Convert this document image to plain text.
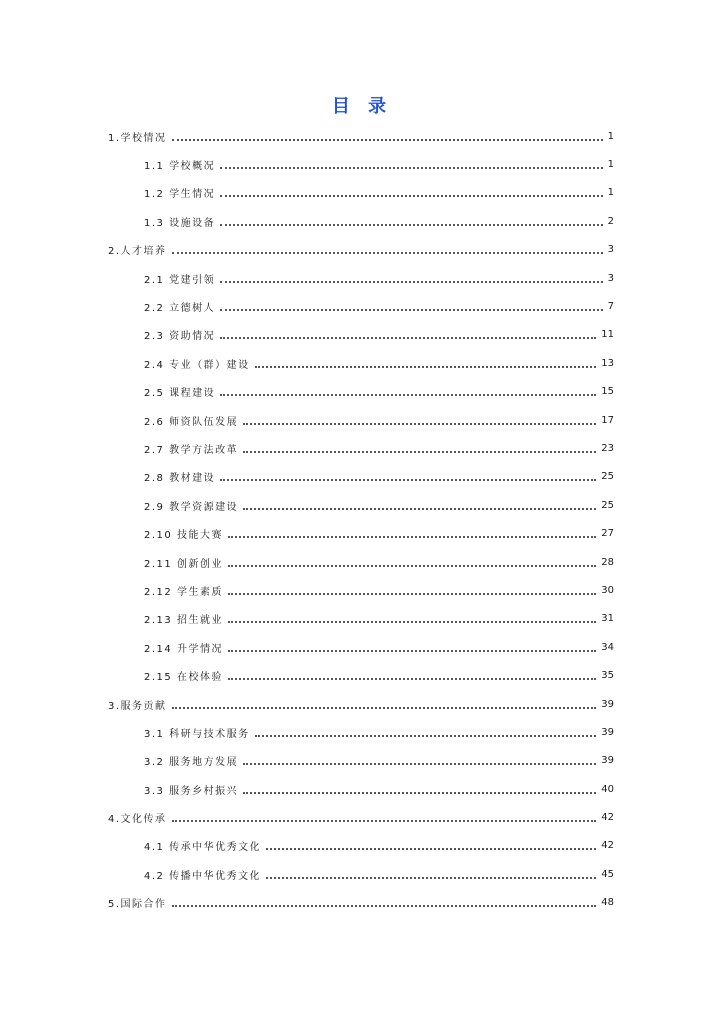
目 录
1.学校情况	1
1.1 学校概况	1
1.2 学生情况	1
1.3 设施设备	2
2.人才培养	3
2.1 党建引领	3
2.2 立德树人	7
2.3 资助情况	11
2.4 专业（群）建设	13
2.5 课程建设	15
2.6 师资队伍发展	17
2.7 教学方法改革	23
2.8 教材建设	25
2.9 教学资源建设	25
2.10 技能大赛	27
2.11 创新创业	28
2.12 学生素质	30
2.13 招生就业	31
2.14 升学情况	34
2.15 在校体验	35
3.服务贡献	39
3.1 科研与技术服务	39
3.2 服务地方发展	39
3.3 服务乡村振兴	40
4.文化传承	42
4.1 传承中华优秀文化	42
4.2 传播中华优秀文化	45
5.国际合作	48
